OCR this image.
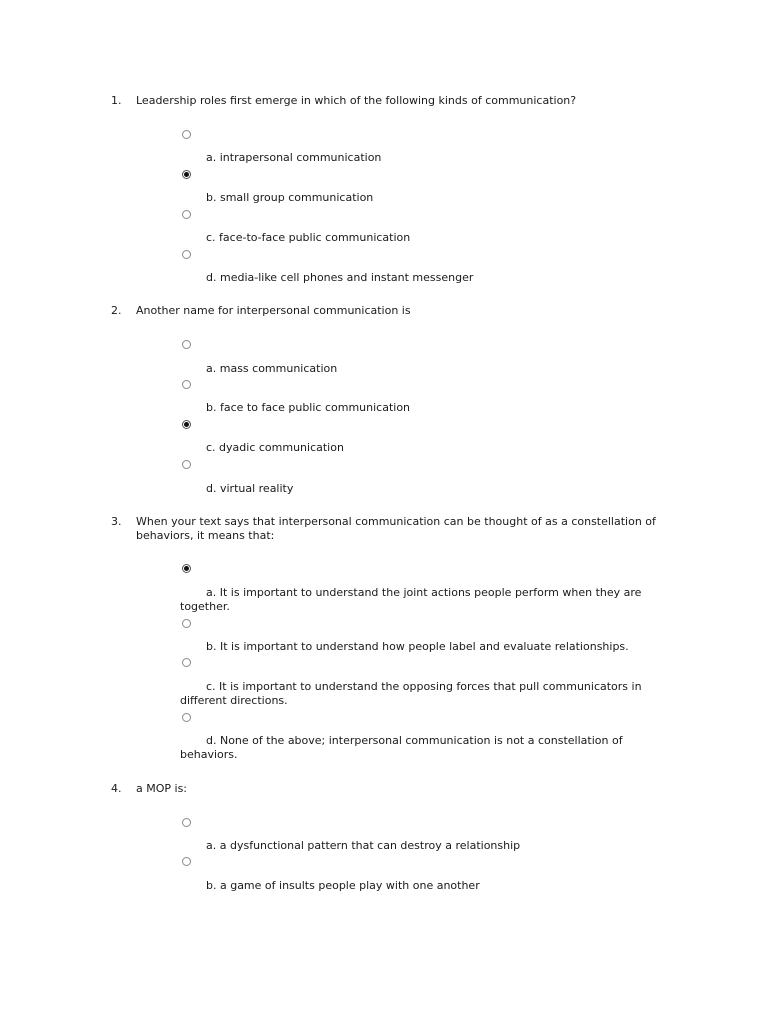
1.	Leadership roles first emerge in which of the following kinds of communication?
a. intrapersonal communication
b. small group communication
c. face-to-face public communication
d. media-like cell phones and instant messenger
2.	Another name for interpersonal communication is
a. mass communication
b. face to face public communication
c. dyadic communication
d. virtual reality
3.	When your text says that interpersonal communication can be thought of as a constellation of behaviors, it means that:
a. It is important to understand the joint actions people perform when they are together.
b. It is important to understand how people label and evaluate relationships.
c. It is important to understand the opposing forces that pull communicators in different directions.
d. None of the above; interpersonal communication is not a constellation of behaviors.
4.	a MOP is:
a. a dysfunctional pattern that can destroy a relationship
b. a game of insults people play with one another
